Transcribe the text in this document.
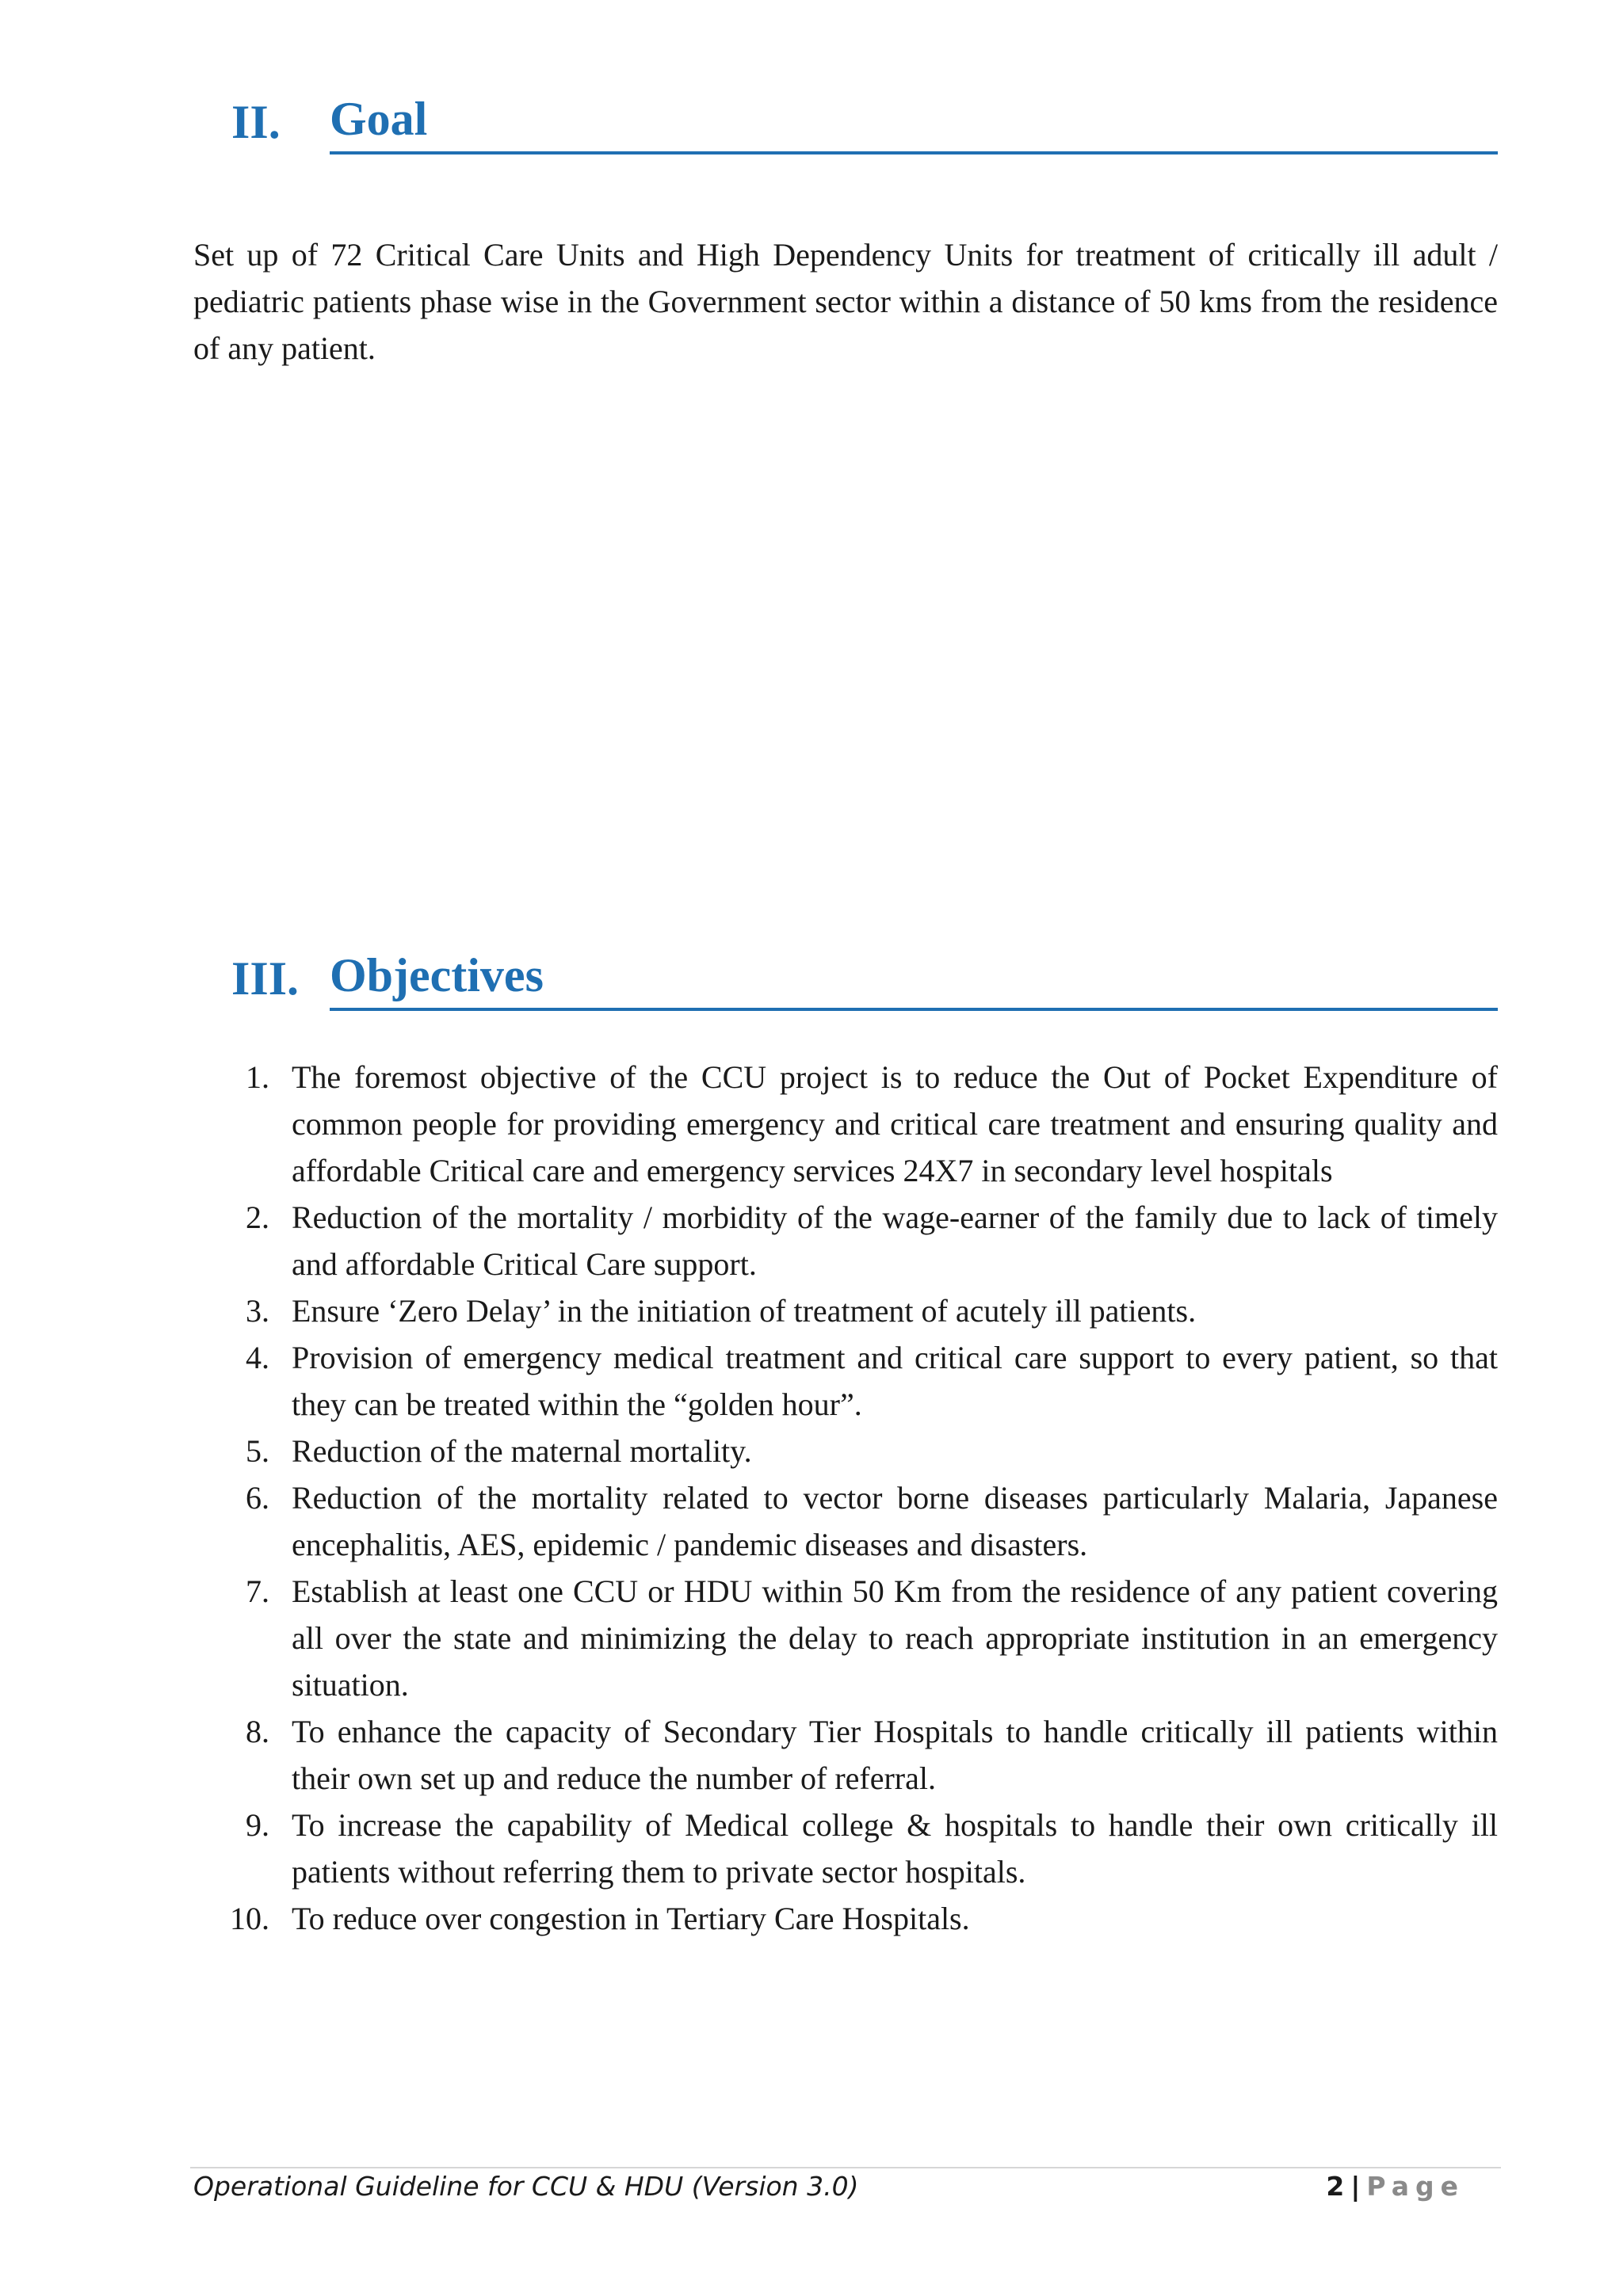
II. Goal

Set up of 72 Critical Care Units and High Dependency Units for treatment of critically ill adult / pediatric patients phase wise in the Government sector within a distance of 50 kms from the residence of any patient.

III. Objectives
1. The foremost objective of the CCU project is to reduce the Out of Pocket Expenditure of common people for providing emergency and critical care treatment and ensuring quality and affordable Critical care and emergency services 24X7 in secondary level hospitals
2. Reduction of the mortality / morbidity of the wage-earner of the family due to lack of timely and affordable Critical Care support.
3. Ensure ‘Zero Delay’ in the initiation of treatment of acutely ill patients.
4. Provision of emergency medical treatment and critical care support to every patient, so that they can be treated within the “golden hour”.
5. Reduction of the maternal mortality.
6. Reduction of the mortality related to vector borne diseases particularly Malaria, Japanese encephalitis, AES, epidemic / pandemic diseases and disasters.
7. Establish at least one CCU or HDU within 50 Km from the residence of any patient covering all over the state and minimizing the delay to reach appropriate institution in an emergency situation.
8. To enhance the capacity of Secondary Tier Hospitals to handle critically ill patients within their own set up and reduce the number of referral.
9. To increase the capability of Medical college & hospitals to handle their own critically ill patients without referring them to private sector hospitals.
10. To reduce over congestion in Tertiary Care Hospitals.
Operational Guideline for CCU & HDU (Version 3.0)	2 | Page
